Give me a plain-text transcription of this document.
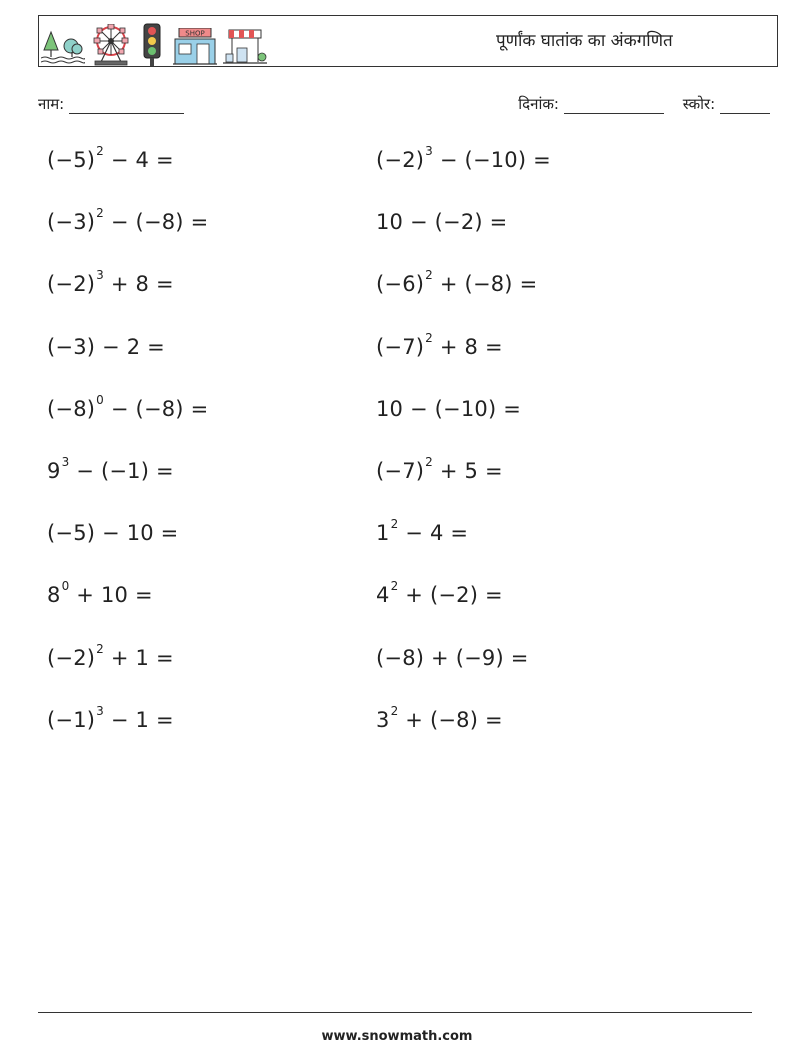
SHOP	पूर्णांक घातांक का अंकगणित
नाम:	दिनांक:	स्कोर:
$(-5)^2 - 4$ =
$(-3)^2 - (-8)$ =
$(-2)^3 + 8$ =
(−3) − 2 =
$(-8)^0 - (-8)$ =
$9^3 - (-1)$ =
(−5) − 10 =
$8^0 + 10$ =
$(-2)^2 + 1$ =
$(-1)^3 - 1$ =
$(-2)^3 - (-10)$ =
10 − (−2) =
$(-6)^2 + (-8)$ =
$(-7)^2 + 8$ =
10 − (−10) =
$(-7)^2 + 5$ =
$1^2 - 4$ =
$4^2 + (-2)$ =
(−8) + (−9) =
$3^2 + (-8)$ =
www.snowmath.com
